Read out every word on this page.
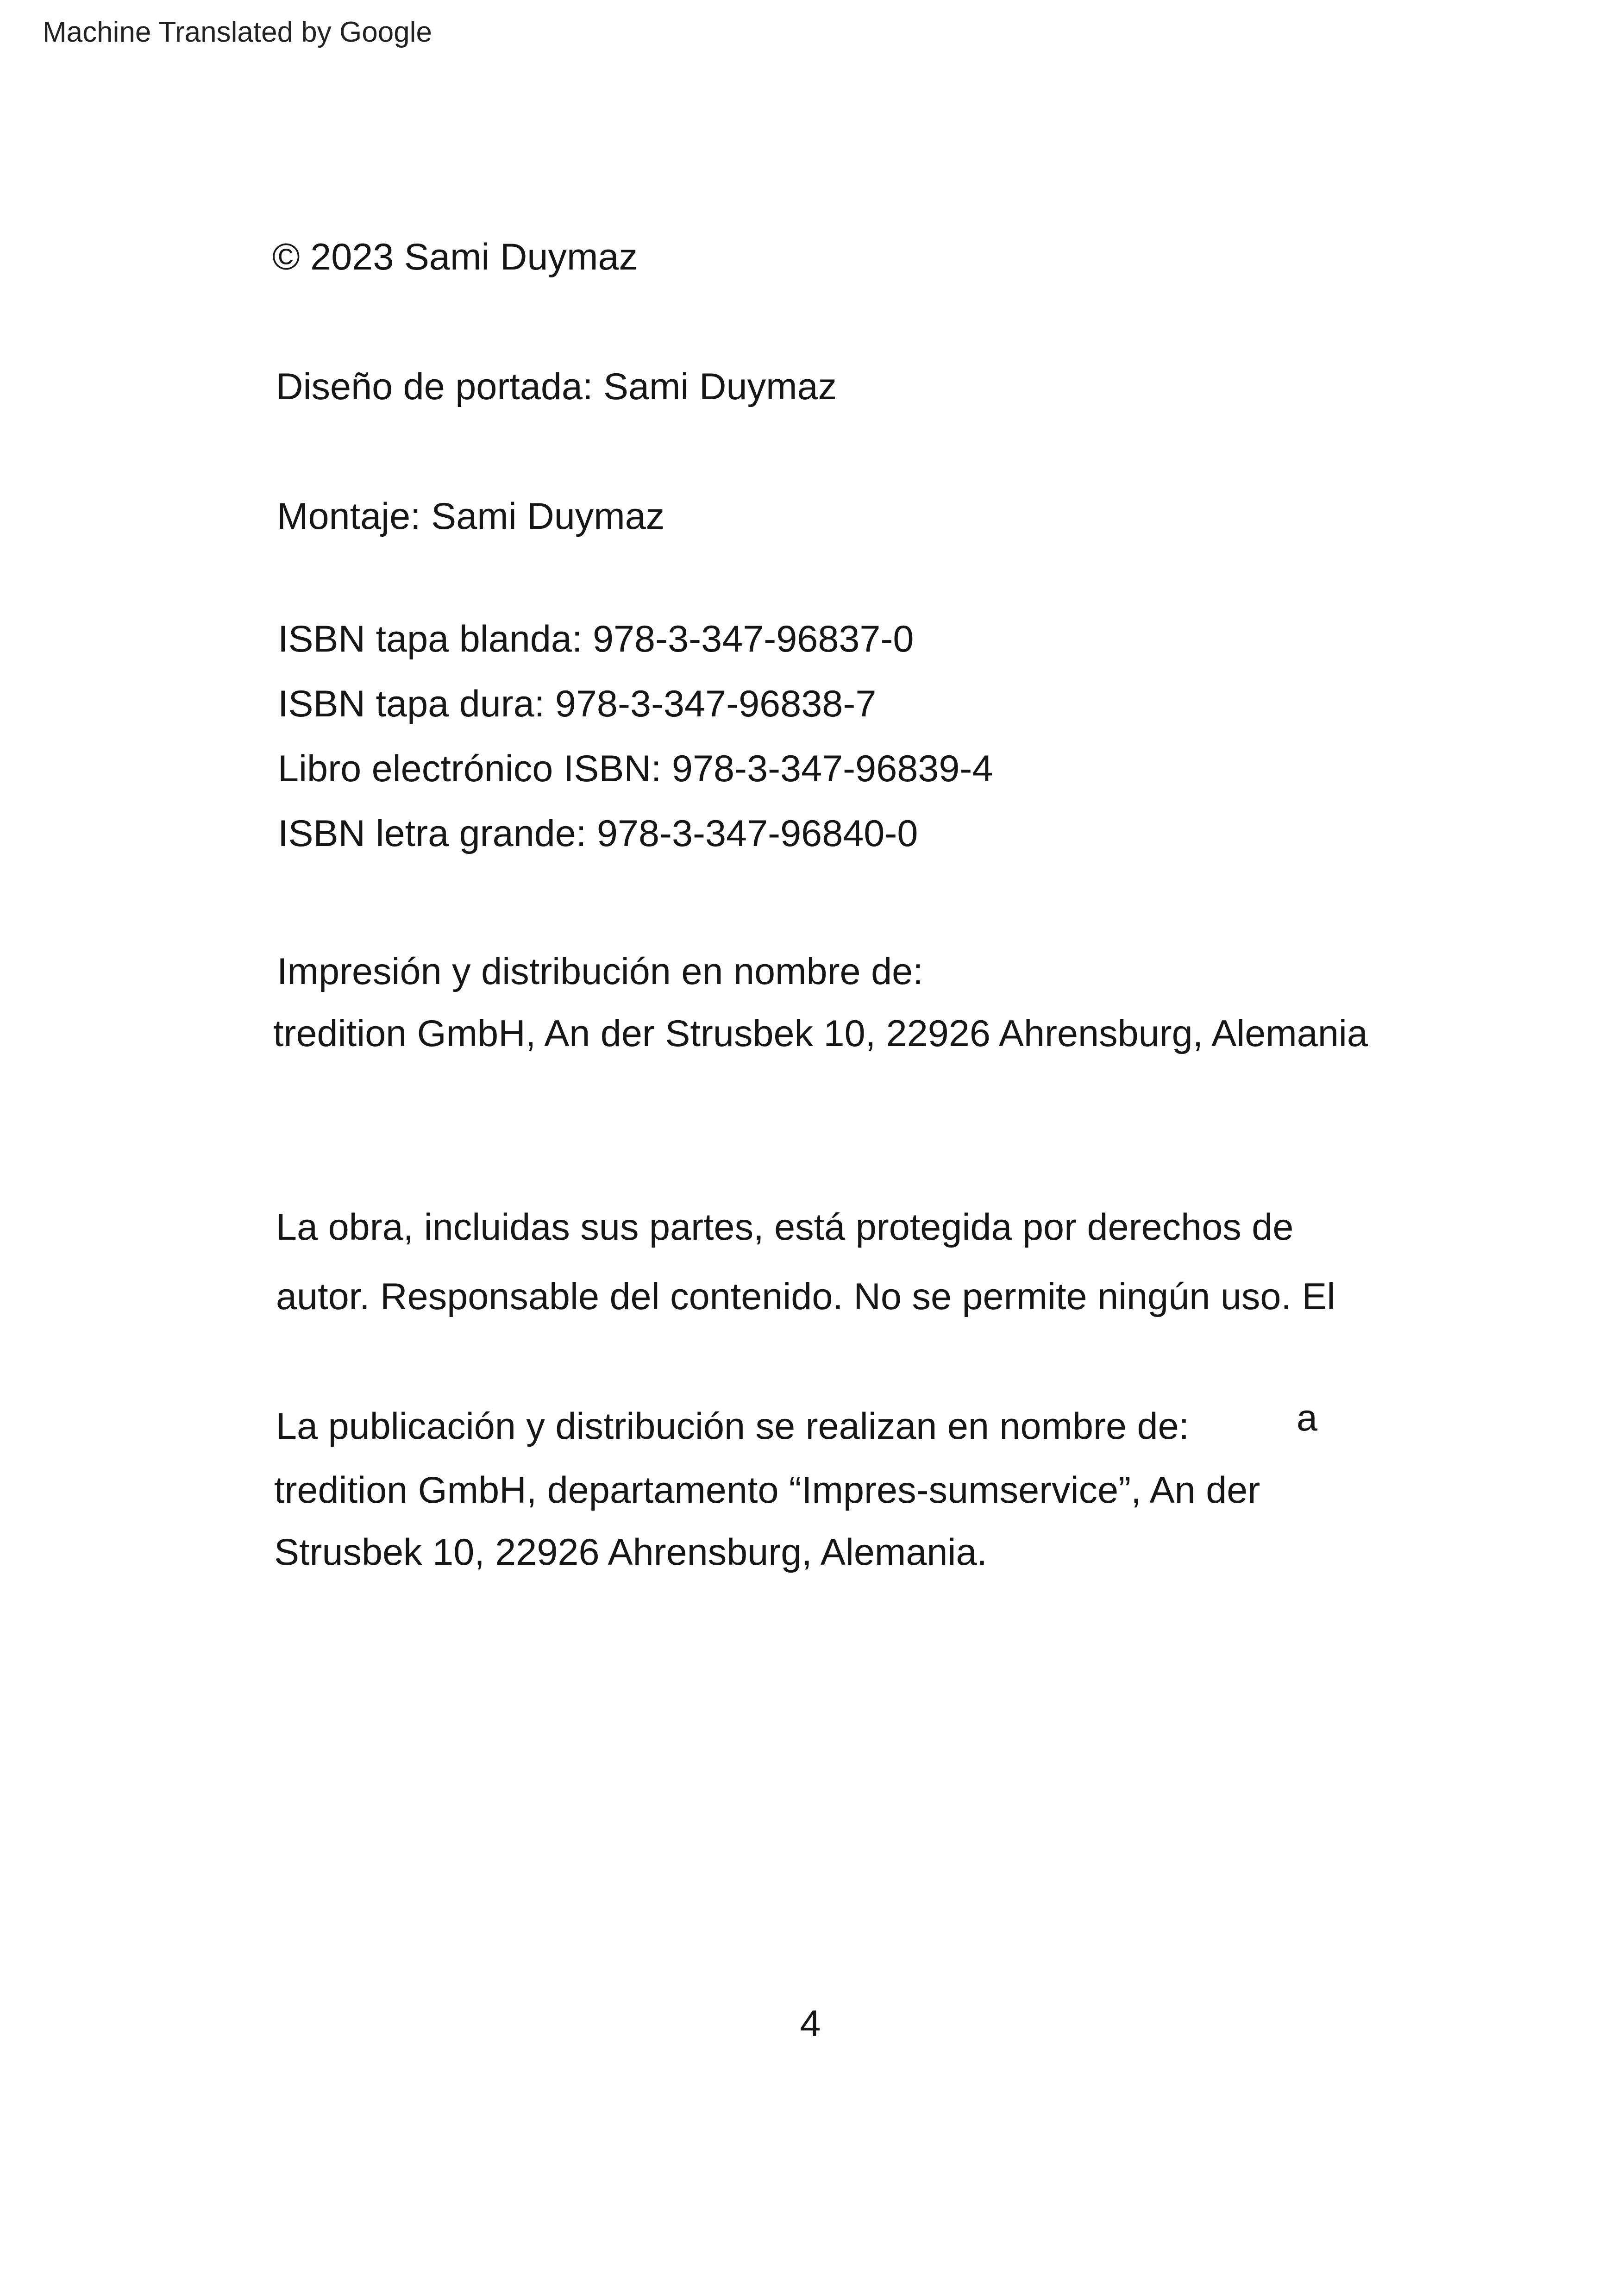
Machine Translated by Google
© 2023 Sami Duymaz
Diseño de portada: Sami Duymaz
Montaje: Sami Duymaz
ISBN tapa blanda: 978-3-347-96837-0
ISBN tapa dura: 978-3-347-96838-7
Libro electrónico ISBN: 978-3-347-96839-4
ISBN letra grande: 978-3-347-96840-0
Impresión y distribución en nombre de:
tredition GmbH, An der Strusbek 10, 22926 Ahrensburg, Alemania
La obra, incluidas sus partes, está protegida por derechos de
autor. Responsable del contenido. No se permite ningún uso. El
La publicación y distribución se realizan en nombre de:	a
tredition GmbH, departamento “Impres-sumservice”, An der
Strusbek 10, 22926 Ahrensburg, Alemania.
4
